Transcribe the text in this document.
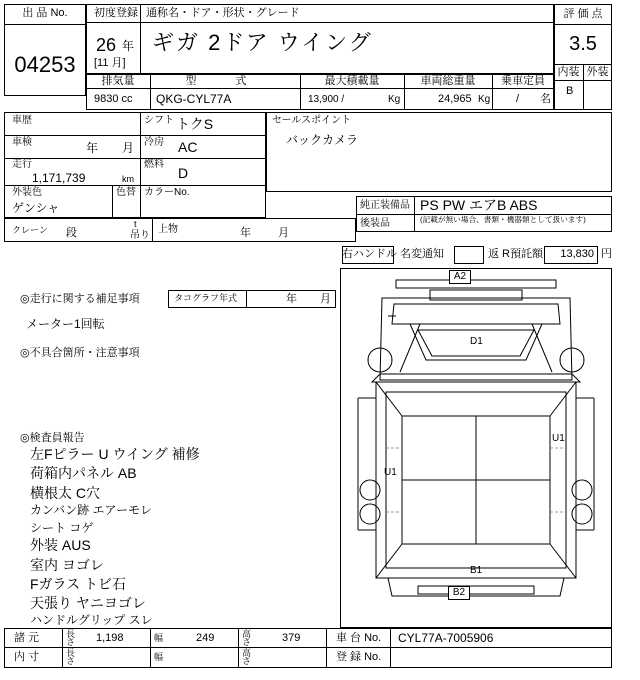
出 品 No.
04253
初度登録 通称名・ドア・形状・グレード
26 年
[11 月]
ギガ 2ドア ウイング
評 価 点
3.5
内装 外装
B
排気量	型 式	最大積載量	車両総重量	乗車定員
9830 cc QKG-CYL77A	13,900 /	Kg	24,965 Kg / 名
車歴	シフト トクS
車検	年 月 冷房 AC
走行
1,171,739	km
燃料
D
外装色
ゲンシャ
色替 カラーNo.
セールスポイント
バックカメラ
純正装備品 PS PW エアB ABS
後装品	(記載が無い場合、書類・機器類として扱います)
クレーン 段
t
吊り
上物	年 月
右ハンドル 名変通知	返 R預託額	13,830 円
◎走行に関する補足事項	タコグラフ年式	年 月
メーター1回転
◎不具合箇所・注意事項
◎検査員報告
左Fピラー U ウイング 補修
荷箱内パネル AB
横根太 C穴
カンバン跡 エアーモレ
シート コゲ
外装 AUS
室内 ヨゴレ
Fガラス トビ石
天張り ヤニヨゴレ
ハンドルグリップ スレ
A2
D1
U1
U1
B1
B2
諸 元	長さ 1,198	幅	249	高さ	379	車 台 No. CYL77A-7005906
内 寸	長さ	幅	高さ	登 録 No.
